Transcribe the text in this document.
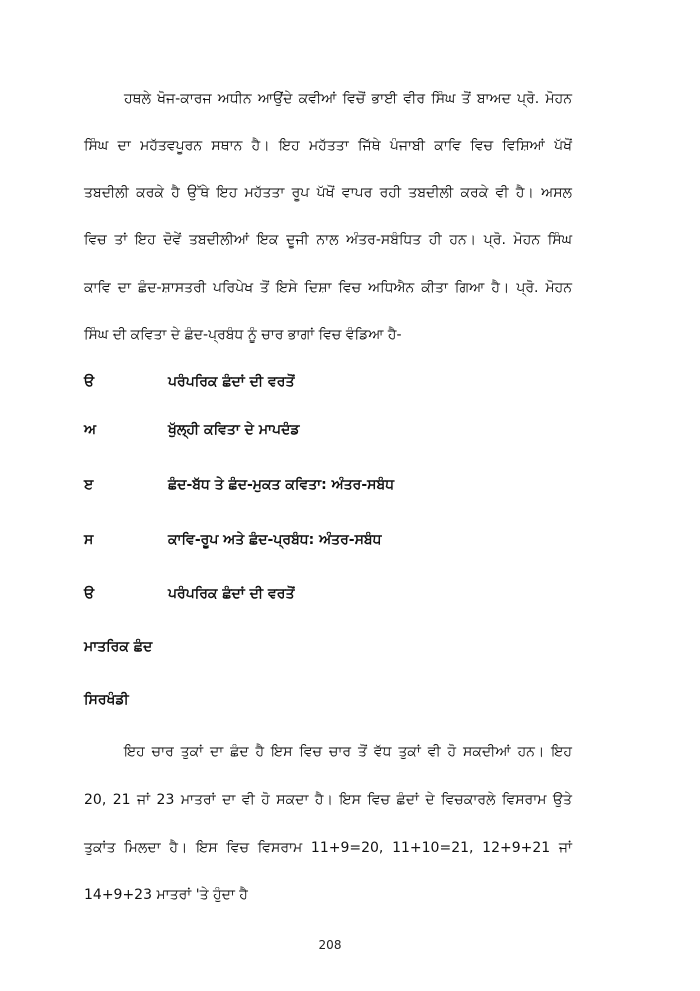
ਹਥਲੇ ਖੋਜ-ਕਾਰਜ ਅਧੀਨ ਆਉਂਦੇ ਕਵੀਆਂ ਵਿਚੋਂ ਭਾਈ ਵੀਰ ਸਿੰਘ ਤੋਂ ਬਾਅਦ ਪ੍ਰੋ. ਮੋਹਨ
ਸਿੰਘ ਦਾ ਮਹੱਤਵਪੂਰਨ ਸਥਾਨ ਹੈ। ਇਹ ਮਹੱਤਤਾ ਜਿੱਥੇ ਪੰਜਾਬੀ ਕਾਵਿ ਵਿਚ ਵਿਸ਼ਿਆਂ ਪੱਖੋਂ
ਤਬਦੀਲੀ ਕਰਕੇ ਹੈ ਉੱਥੇ ਇਹ ਮਹੱਤਤਾ ਰੂਪ ਪੱਖੋਂ ਵਾਪਰ ਰਹੀ ਤਬਦੀਲੀ ਕਰਕੇ ਵੀ ਹੈ। ਅਸਲ
ਵਿਚ ਤਾਂ ਇਹ ਦੋਵੇਂ ਤਬਦੀਲੀਆਂ ਇਕ ਦੂਜੀ ਨਾਲ ਅੰਤਰ-ਸਬੰਧਿਤ ਹੀ ਹਨ। ਪ੍ਰੋ. ਮੋਹਨ ਸਿੰਘ
ਕਾਵਿ ਦਾ ਛੰਦ-ਸ਼ਾਸਤਰੀ ਪਰਿਪੇਖ ਤੋਂ ਇਸੇ ਦਿਸ਼ਾ ਵਿਚ ਅਧਿਐਨ ਕੀਤਾ ਗਿਆ ਹੈ। ਪ੍ਰੋ. ਮੋਹਨ
ਸਿੰਘ ਦੀ ਕਵਿਤਾ ਦੇ ਛੰਦ-ਪ੍ਰਬੰਧ ਨੂੰ ਚਾਰ ਭਾਗਾਂ ਵਿਚ ਵੰਡਿਆ ਹੈ-
ੳ	ਪਰੰਪਰਿਕ ਛੰਦਾਂ ਦੀ ਵਰਤੋਂ
ਅ	ਖੁੱਲ੍ਹੀ ਕਵਿਤਾ ਦੇ ਮਾਪਦੰਡ
ੲ	ਛੰਦ-ਬੱਧ ਤੇ ਛੰਦ-ਮੁਕਤ ਕਵਿਤਾ: ਅੰਤਰ-ਸਬੰਧ
ਸ	ਕਾਵਿ-ਰੂਪ ਅਤੇ ਛੰਦ-ਪ੍ਰਬੰਧ: ਅੰਤਰ-ਸਬੰਧ
ੳ	ਪਰੰਪਰਿਕ ਛੰਦਾਂ ਦੀ ਵਰਤੋਂ
ਮਾਤਰਿਕ ਛੰਦ
ਸਿਰਖੰਡੀ
ਇਹ ਚਾਰ ਤੁਕਾਂ ਦਾ ਛੰਦ ਹੈ ਇਸ ਵਿਚ ਚਾਰ ਤੋਂ ਵੱਧ ਤੁਕਾਂ ਵੀ ਹੋ ਸਕਦੀਆਂ ਹਨ। ਇਹ
20, 21 ਜਾਂ 23 ਮਾਤਰਾਂ ਦਾ ਵੀ ਹੋ ਸਕਦਾ ਹੈ। ਇਸ ਵਿਚ ਛੰਦਾਂ ਦੇ ਵਿਚਕਾਰਲੇ ਵਿਸਰਾਮ ਉਤੇ
ਤੁਕਾਂਤ ਮਿਲਦਾ ਹੈ। ਇਸ ਵਿਚ ਵਿਸਰਾਮ 11+9=20, 11+10=21, 12+9+21 ਜਾਂ
14+9+23 ਮਾਤਰਾਂ 'ਤੇ ਹੁੰਦਾ ਹੈ
208
